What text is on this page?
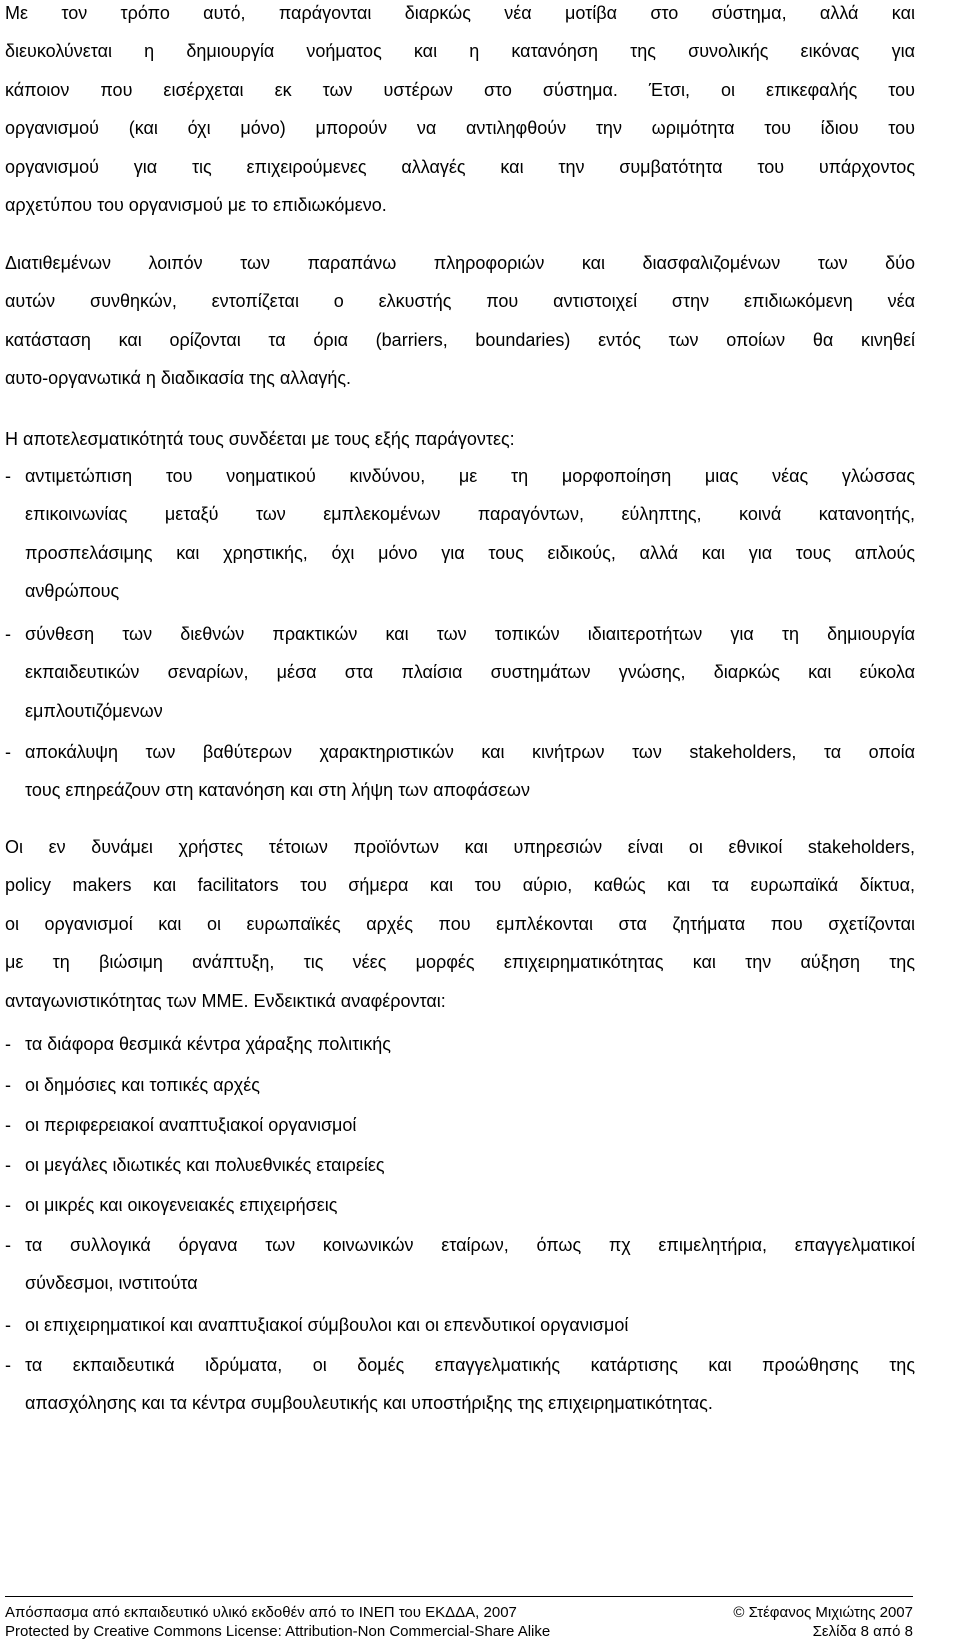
Με τον τρόπο αυτό, παράγονται διαρκώς νέα μοτίβα στο σύστημα, αλλά και
διευκολύνεται η δημιουργία νοήματος και η κατανόηση της συνολικής εικόνας για
κάποιον που εισέρχεται εκ των υστέρων στο σύστημα. Έτσι, οι επικεφαλής του
οργανισμού (και όχι μόνο) μπορούν να αντιληφθούν την ωριμότητα του ίδιου του
οργανισμού για τις επιχειρούμενες αλλαγές και την συμβατότητα του υπάρχοντος
αρχετύπου του οργανισμού με το επιδιωκόμενο.
Διατιθεμένων λοιπόν των παραπάνω πληροφοριών και διασφαλιζομένων των δύο
αυτών συνθηκών, εντοπίζεται ο ελκυστής που αντιστοιχεί στην επιδιωκόμενη νέα
κατάσταση και ορίζονται τα όρια (barriers, boundaries) εντός των οποίων θα κινηθεί
αυτο-οργανωτικά η διαδικασία της αλλαγής.
Η αποτελεσματικότητά τους συνδέεται με τους εξής παράγοντες:
- αντιμετώπιση του νοηματικού κινδύνου, με τη μορφοποίηση μιας νέας γλώσσας
επικοινωνίας μεταξύ των εμπλεκομένων παραγόντων, εύληπτης, κοινά κατανοητής,
προσπελάσιμης και χρηστικής, όχι μόνο για τους ειδικούς, αλλά και για τους απλούς
ανθρώπους
- σύνθεση των διεθνών πρακτικών και των τοπικών ιδιαιτεροτήτων για τη δημιουργία
εκπαιδευτικών σεναρίων, μέσα στα πλαίσια συστημάτων γνώσης, διαρκώς και εύκολα
εμπλουτιζόμενων
- αποκάλυψη των βαθύτερων χαρακτηριστικών και κινήτρων των stakeholders, τα οποία
τους επηρεάζουν στη κατανόηση και στη λήψη των αποφάσεων
Οι εν δυνάμει χρήστες τέτοιων προϊόντων και υπηρεσιών είναι οι εθνικοί stakeholders,
policy makers και facilitators του σήμερα και του αύριο, καθώς και τα ευρωπαϊκά δίκτυα,
οι οργανισμοί και οι ευρωπαϊκές αρχές που εμπλέκονται στα ζητήματα που σχετίζονται
με τη βιώσιμη ανάπτυξη, τις νέες μορφές επιχειρηματικότητας και την αύξηση της
ανταγωνιστικότητας των ΜΜΕ. Ενδεικτικά αναφέρονται:
- τα διάφορα θεσμικά κέντρα χάραξης πολιτικής
- οι δημόσιες και τοπικές αρχές
- οι περιφερειακοί αναπτυξιακοί οργανισμοί
- οι μεγάλες ιδιωτικές και πολυεθνικές εταιρείες
- οι μικρές και οικογενειακές επιχειρήσεις
- τα συλλογικά όργανα των κοινωνικών εταίρων, όπως πχ επιμελητήρια, επαγγελματικοί
σύνδεσμοι, ινστιτούτα
- οι επιχειρηματικοί και αναπτυξιακοί σύμβουλοι και οι επενδυτικοί οργανισμοί
- τα εκπαιδευτικά ιδρύματα, οι δομές επαγγελματικής κατάρτισης και προώθησης της
απασχόλησης και τα κέντρα συμβουλευτικής και υποστήριξης της επιχειρηματικότητας.
Απόσπασμα από εκπαιδευτικό υλικό εκδοθέν από το ΙΝΕΠ του ΕΚΔΔΑ, 2007	© Στέφανος Μιχιώτης 2007
Protected by Creative Commons License: Attribution-Non Commercial-Share Alike	Σελίδα 8 από 8
